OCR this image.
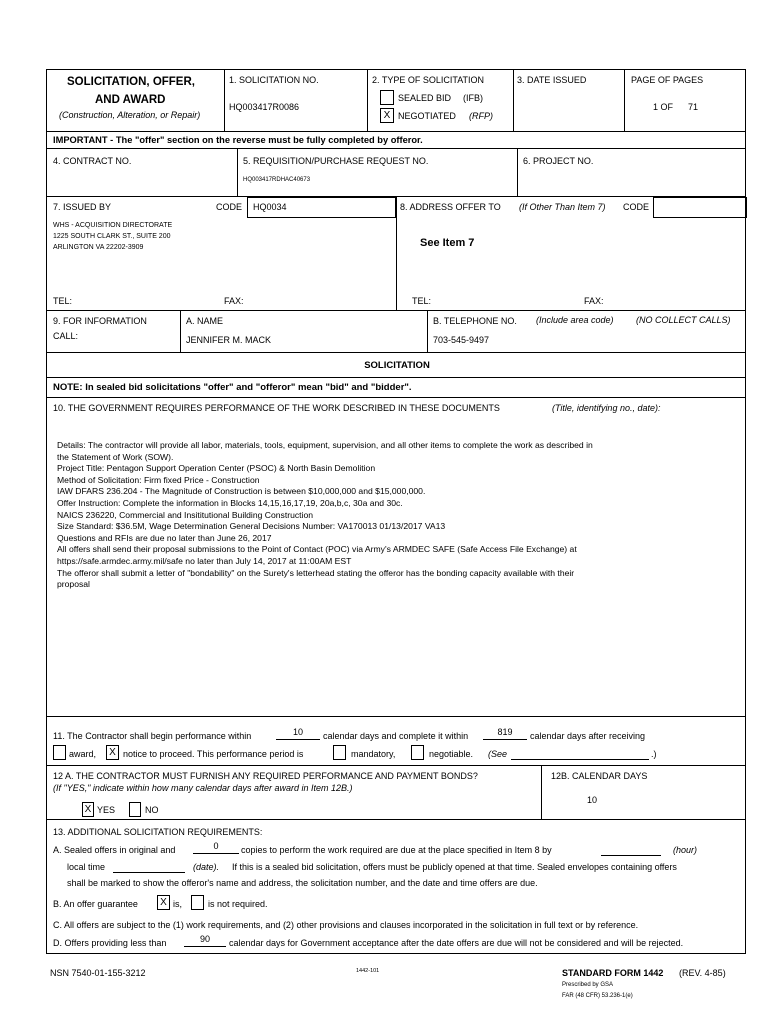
SOLICITATION, OFFER,
AND AWARD
(Construction, Alteration, or Repair)
1. SOLICITATION NO.
HQ003417R0086
2. TYPE OF SOLICITATION
SEALED BID (IFB)
X NEGOTIATED (RFP)
3. DATE ISSUED	PAGE OF PAGES
1 OF 71
IMPORTANT - The "offer" section on the reverse must be fully completed by offeror.
4. CONTRACT NO.	5. REQUISITION/PURCHASE REQUEST NO.
HQ003417RDHAC40673
6. PROJECT NO.
7. ISSUED BY	CODE	HQ0034
WHS - ACQUISITION DIRECTORATE
1225 SOUTH CLARK ST., SUITE 200
ARLINGTON VA 22202-3909
TEL:	FAX:
8. ADDRESS OFFER TO (If Other Than Item 7) CODE
See Item 7
TEL:	FAX:
9. FOR INFORMATION
CALL:
A. NAME
JENNIFER M. MACK
B. TELEPHONE NO. (Include area code) (NO COLLECT CALLS)
703-545-9497
SOLICITATION
NOTE: In sealed bid solicitations "offer" and "offeror" mean "bid" and "bidder".
10. THE GOVERNMENT REQUIRES PERFORMANCE OF THE WORK DESCRIBED IN THESE DOCUMENTS	(Title, identifying no., date):
Details: The contractor will provide all labor, materials, tools, equipment, supervision, and all other items to complete the work as described in
the Statement of Work (SOW).
Project Title: Pentagon Support Operation Center (PSOC) & North Basin Demolition
Method of Solicitation: Firm fixed Price - Construction
IAW DFARS 236.204 - The Magnitude of Construction is between $10,000,000 and $15,000,000.
Offer Instruction: Complete the information in Blocks 14,15,16,17,19, 20a,b,c, 30a and 30c.
NAICS 236220, Commercial and Insititutional Building Construction
Size Standard: $36.5M, Wage Determination General Decisions Number: VA170013 01/13/2017 VA13
Questions and RFIs are due no later than June 26, 2017
All offers shall send their proposal submissions to the Point of Contact (POC) via Army's ARMDEC SAFE (Safe Access File Exchange) at
https://safe.armdec.army.mil/safe no later than July 14, 2017 at 11:00AM EST
The offeror shall submit a letter of "bondability" on the Surety's letterhead stating the offeror has the bonding capacity available with their
proposal
11. The Contractor shall begin performance within	10	calendar days and complete it within	819	calendar days after receiving
award,	X notice to proceed. This performance period is	mandatory,	negotiable. (See	.)
12 A. THE CONTRACTOR MUST FURNISH ANY REQUIRED PERFORMANCE AND PAYMENT BONDS?
(If "YES," indicate within how many calendar days after award in Item 12B.)
X YES	NO
12B. CALENDAR DAYS
10
13. ADDITIONAL SOLICITATION REQUIREMENTS:
A. Sealed offers in original and	0	copies to perform the work required are due at the place specified in Item 8 by	(hour)
local time	(date). If this is a sealed bid solicitation, offers must be publicly opened at that time. Sealed envelopes containing offers
shall be marked to show the offeror's name and address, the solicitation number, and the date and time offers are due.
B. An offer guarantee	X is,	is not required.
C. All offers are subject to the (1) work requirements, and (2) other provisions and clauses incorporated in the solicitation in full text or by reference.
D. Offers providing less than	90	calendar days for Government acceptance after the date offers are due will not be considered and will be rejected.
NSN 7540-01-155-3212	1442-101	STANDARD FORM 1442 (REV. 4-85)
Prescribed by GSA
FAR (48 CFR) 53.236-1(e)
